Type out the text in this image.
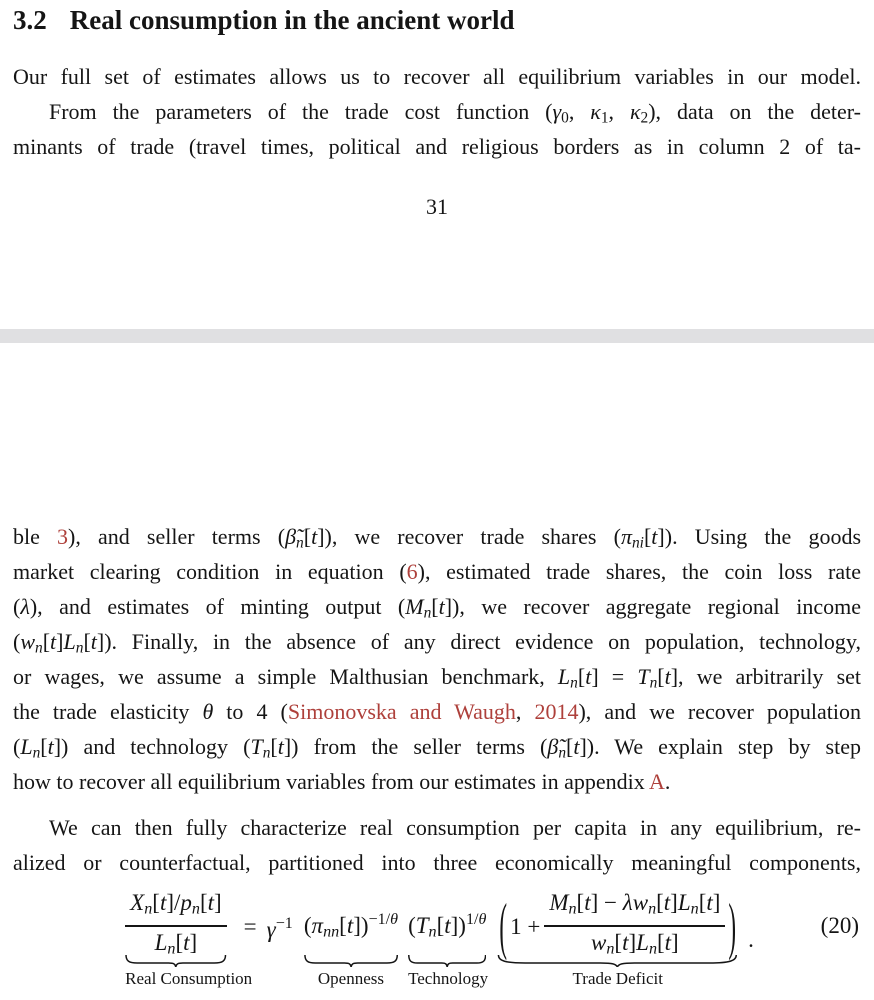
3.2 Real consumption in the ancient world
Our full set of estimates allows us to recover all equilibrium variables in our model.
From the parameters of the trade cost function (γ0, κ1, κ2), data on the deter-
minants of trade (travel times, political and religious borders as in column 2 of ta-
31
ble 3), and seller terms (β̃n[t]), we recover trade shares (πni[t]). Using the goods
market clearing condition in equation (6), estimated trade shares, the coin loss rate
(λ), and estimates of minting output (Mn[t]), we recover aggregate regional income
(wn[t]Ln[t]). Finally, in the absence of any direct evidence on population, technology,
or wages, we assume a simple Malthusian benchmark, Ln[t] = Tn[t], we arbitrarily set
the trade elasticity θ to 4 (Simonovska and Waugh, 2014), and we recover population
(Ln[t]) and technology (Tn[t]) from the seller terms (β̃n[t]). We explain step by step
how to recover all equilibrium variables from our estimates in appendix A.
We can then fully characterize real consumption per capita in any equilibrium, re-
alized or counterfactual, partitioned into three economically meaningful components,
$\frac{Xn[t]/pn[t]}{Ln[t]}$
Real Consumption
= $\gamma^{-1}$ $(\pi nn[t])^{-1/\theta}$
Openness
$(Tn[t])^{1/\theta}$
Technology
( $1 + \frac{\text{Mn[t] − λwn[t]Ln[t]}}{wn[t]Ln[t]}$ )
Trade Deficit
.
(20)
